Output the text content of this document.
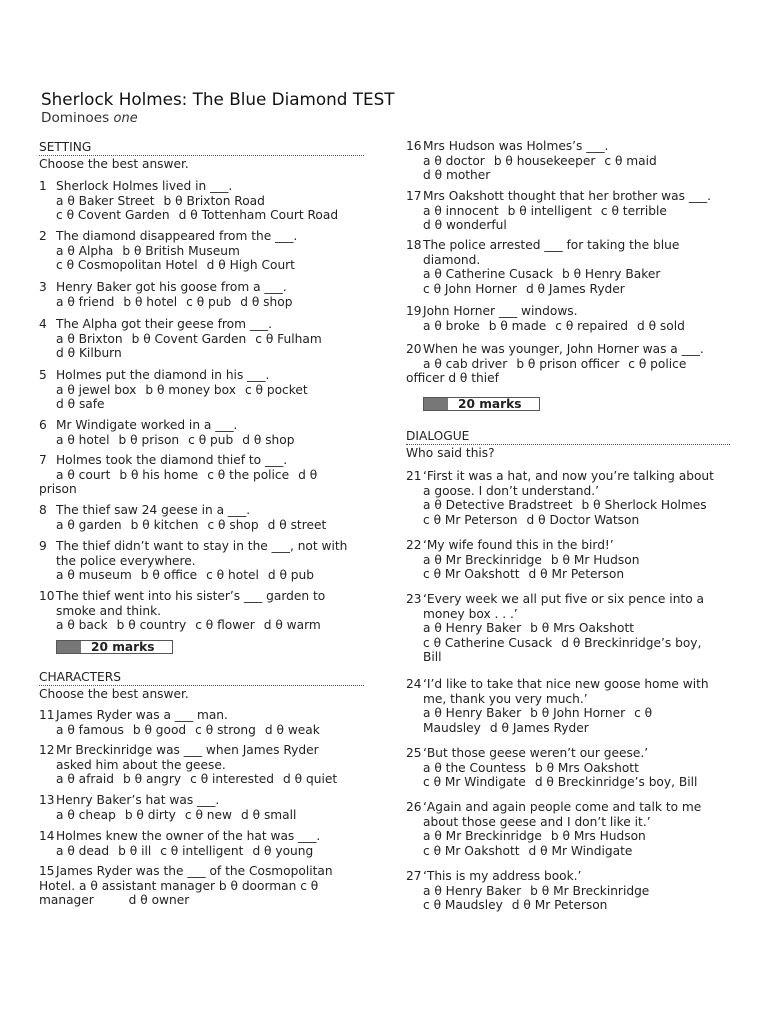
Sherlock Holmes: The Blue Diamond TEST
Dominoes one
SETTING
Choose the best answer.
1 Sherlock Holmes lived in ___.
a θ Baker Street b θ Brixton Road
c θ Covent Garden d θ Tottenham Court Road
2 The diamond disappeared from the ___.
a θ Alpha b θ British Museum
c θ Cosmopolitan Hotel d θ High Court
3 Henry Baker got his goose from a ___.
a θ friend b θ hotel c θ pub d θ shop
4 The Alpha got their geese from ___.
a θ Brixton b θ Covent Garden c θ Fulham
d θ Kilburn
5 Holmes put the diamond in his ___.
a θ jewel box b θ money box c θ pocket
d θ safe
6 Mr Windigate worked in a ___.
a θ hotel b θ prison c θ pub d θ shop
7 Holmes took the diamond thief to ___.
a θ court b θ his home c θ the police d θ
prison
8 The thief saw 24 geese in a ___.
a θ garden b θ kitchen c θ shop d θ street
9 The thief didn’t want to stay in the ___, not with
the police everywhere.
a θ museum b θ office c θ hotel d θ pub
10 The thief went into his sister’s ___ garden to
smoke and think.
a θ back b θ country c θ flower d θ warm
20 marks
CHARACTERS
Choose the best answer.
11 James Ryder was a ___ man.
a θ famous b θ good c θ strong d θ weak
12 Mr Breckinridge was ___ when James Ryder
asked him about the geese.
a θ afraid b θ angry c θ interested d θ quiet
13 Henry Baker’s hat was ___.
a θ cheap b θ dirty c θ new d θ small
14 Holmes knew the owner of the hat was ___.
a θ dead b θ ill c θ intelligent d θ young
15 James Ryder was the ___ of the Cosmopolitan
Hotel. a θ assistant manager b θ doorman c θ
manager         d θ owner
16 Mrs Hudson was Holmes’s ___.
a θ doctor b θ housekeeper c θ maid
d θ mother
17 Mrs Oakshott thought that her brother was ___.
a θ innocent b θ intelligent c θ terrible
d θ wonderful
18 The police arrested ___ for taking the blue
diamond.
a θ Catherine Cusack b θ Henry Baker
c θ John Horner d θ James Ryder
19 John Horner ___ windows.
a θ broke b θ made c θ repaired d θ sold
20 When he was younger, John Horner was a ___.
a θ cab driver b θ prison officer c θ police
officer d θ thief
20 marks
DIALOGUE
Who said this?
21 ‘First it was a hat, and now you’re talking about
a goose. I don’t understand.’
a θ Detective Bradstreet b θ Sherlock Holmes
c θ Mr Peterson d θ Doctor Watson
22 ‘My wife found this in the bird!’
a θ Mr Breckinridge b θ Mr Hudson
c θ Mr Oakshott d θ Mr Peterson
23 ‘Every week we all put five or six pence into a
money box . . .’
a θ Henry Baker b θ Mrs Oakshott
c θ Catherine Cusack d θ Breckinridge’s boy,
Bill
24 ‘I’d like to take that nice new goose home with
me, thank you very much.’
a θ Henry Baker b θ John Horner c θ
Maudsley d θ James Ryder
25 ‘But those geese weren’t our geese.’
a θ the Countess b θ Mrs Oakshott
c θ Mr Windigate d θ Breckinridge’s boy, Bill
26 ‘Again and again people come and talk to me
about those geese and I don’t like it.’
a θ Mr Breckinridge b θ Mrs Hudson
c θ Mr Oakshott d θ Mr Windigate
27 ‘This is my address book.’
a θ Henry Baker b θ Mr Breckinridge
c θ Maudsley d θ Mr Peterson
